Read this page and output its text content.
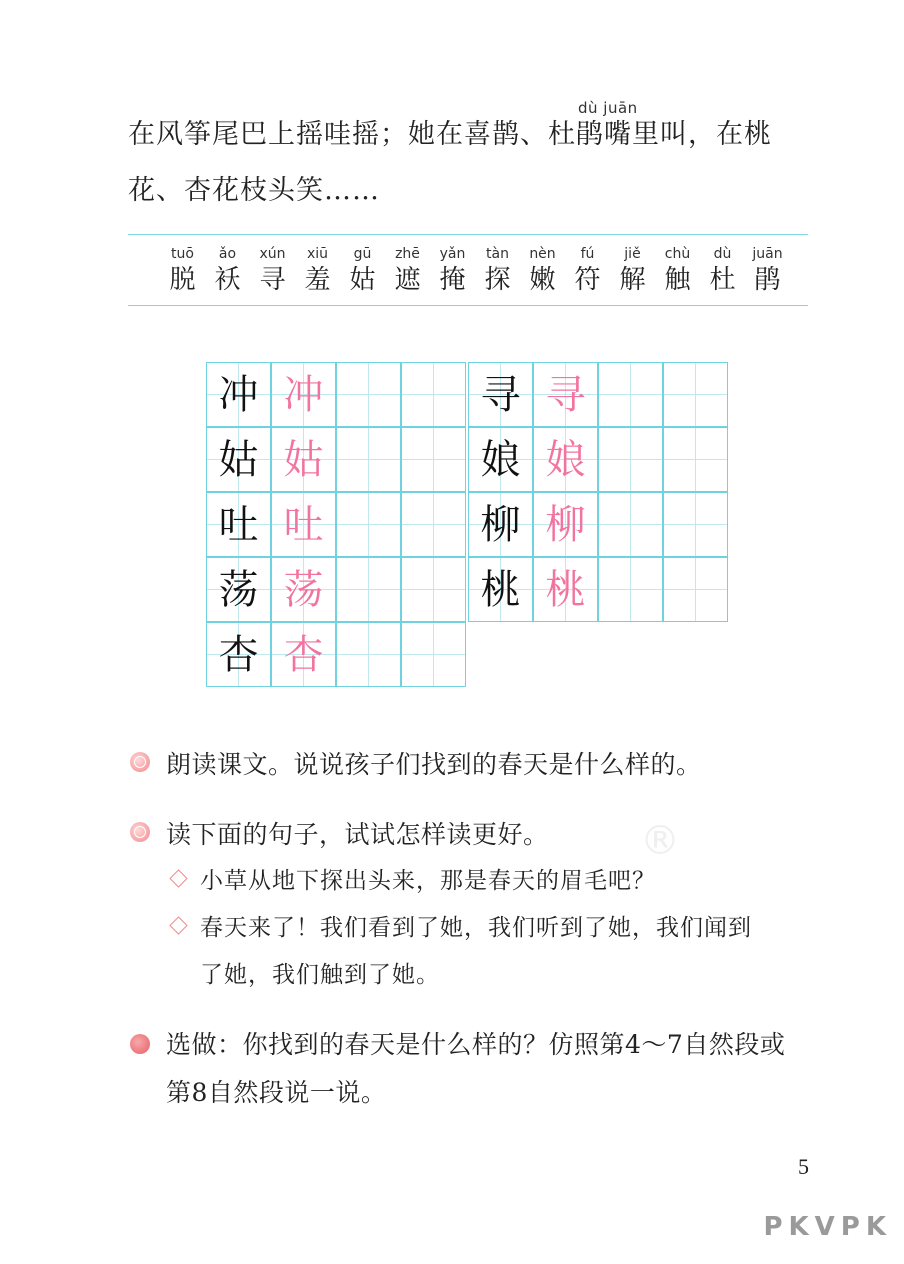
dù juān
在风筝尾巴上摇哇摇；她在喜鹊、杜鹃嘴里叫，在桃
花、杏花枝头笑……
tuō
脱
ǎo
袄
xún
寻
xiū
羞
gū
姑
zhē
遮
yǎn
掩
tàn
探
nèn
嫩
fú
符
jiě
解
chù
触
dù
杜
juān
鹃
冲 冲
姑 姑
吐 吐
荡 荡
杏 杏
寻 寻
娘 娘
柳 柳
桃 桃
朗读课文。说说孩子们找到的春天是什么样的。
读下面的句子，试试怎样读更好。
小草从地下探出头来，那是春天的眉毛吧？
春天来了！我们看到了她，我们听到了她，我们闻到
了她，我们触到了她。
选做：你找到的春天是什么样的？仿照第4～7自然段或
第8自然段说一说。
®
5
PKVPK
